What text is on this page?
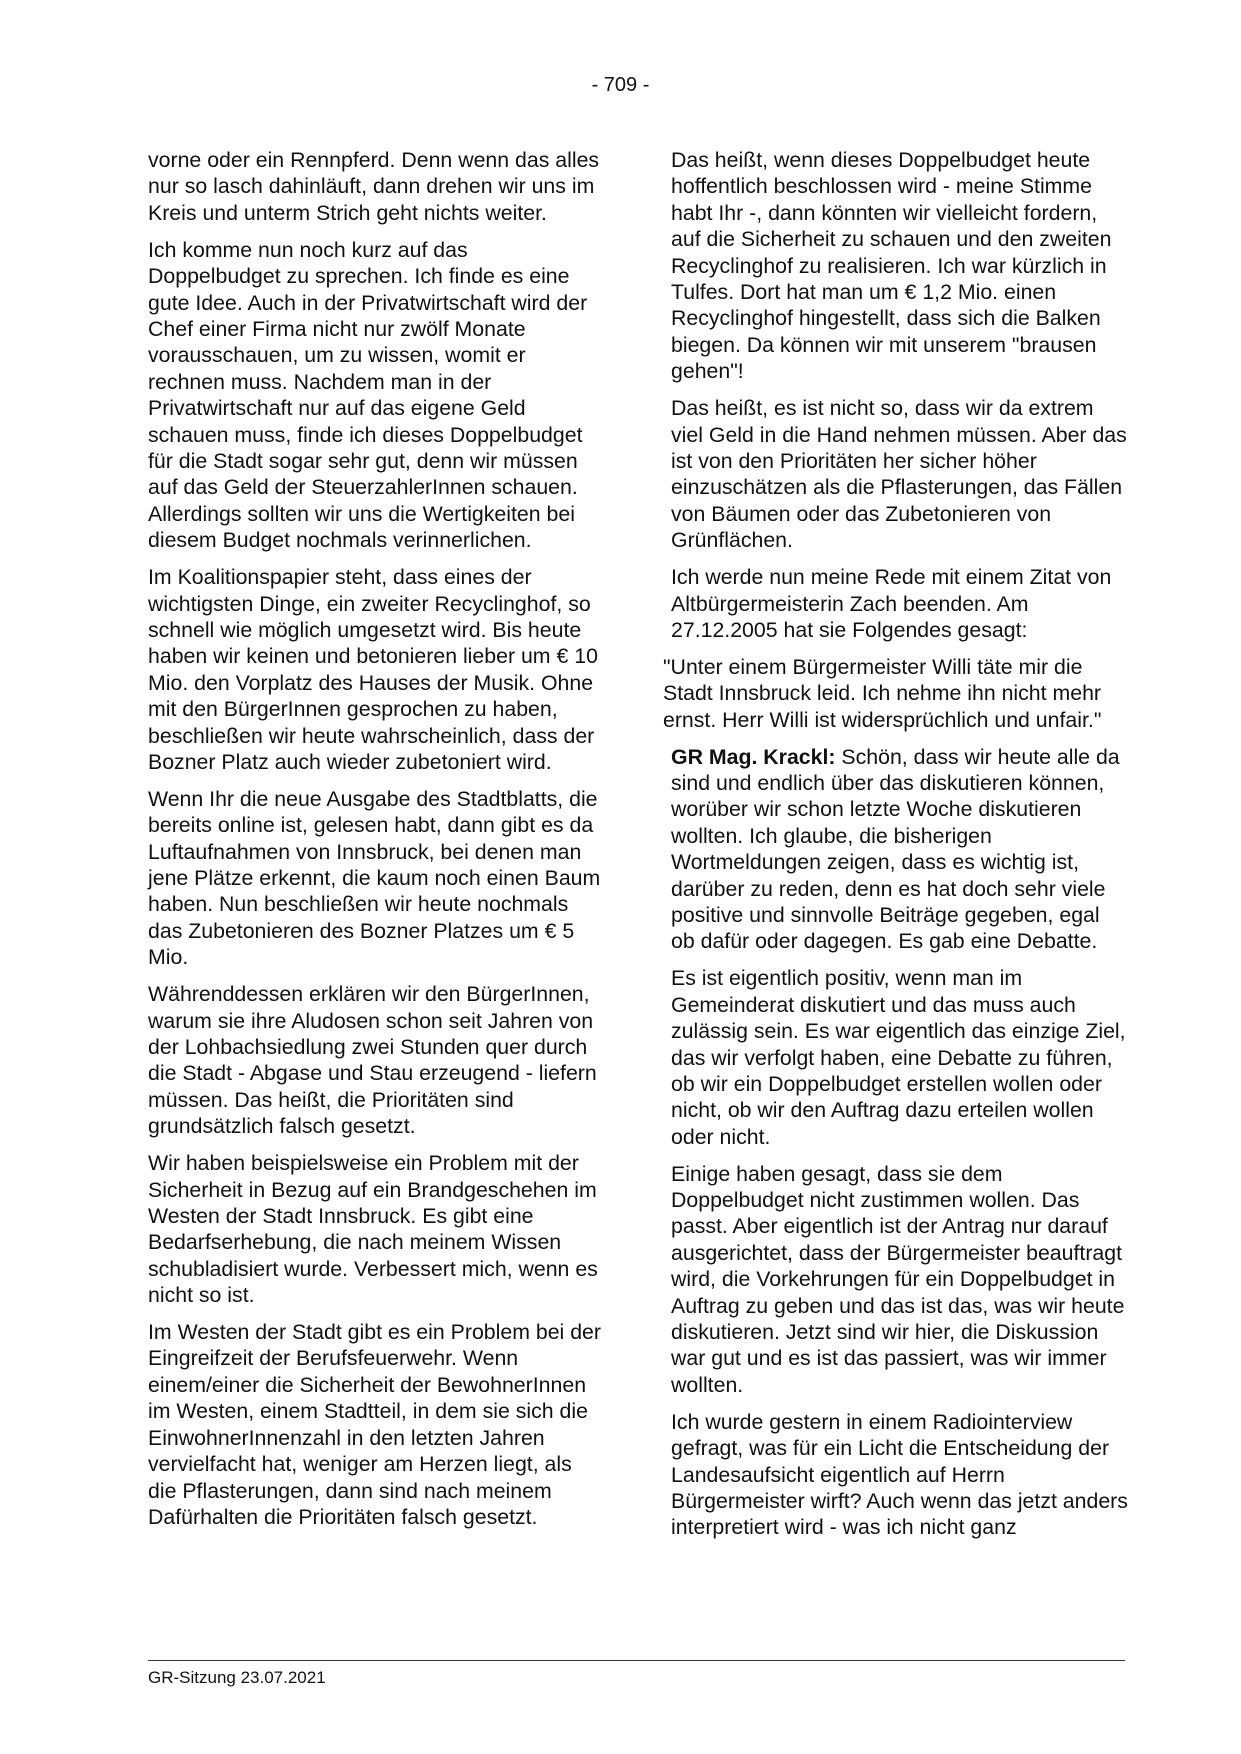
- 709 -

vorne oder ein Rennpferd. Denn wenn das alles nur so lasch dahinläuft, dann drehen wir uns im Kreis und unterm Strich geht nichts weiter.

Ich komme nun noch kurz auf das Doppelbudget zu sprechen. Ich finde es eine gute Idee. Auch in der Privatwirtschaft wird der Chef einer Firma nicht nur zwölf Monate vorausschauen, um zu wissen, womit er rechnen muss. Nachdem man in der Privatwirtschaft nur auf das eigene Geld schauen muss, finde ich dieses Doppelbudget für die Stadt sogar sehr gut, denn wir müssen auf das Geld der SteuerzahlerInnen schauen. Allerdings sollten wir uns die Wertigkeiten bei diesem Budget nochmals verinnerlichen.

Im Koalitionspapier steht, dass eines der wichtigsten Dinge, ein zweiter Recyclinghof, so schnell wie möglich umgesetzt wird. Bis heute haben wir keinen und betonieren lieber um € 10 Mio. den Vorplatz des Hauses der Musik. Ohne mit den BürgerInnen gesprochen zu haben, beschließen wir heute wahrscheinlich, dass der Bozner Platz auch wieder zubetoniert wird.

Wenn Ihr die neue Ausgabe des Stadtblatts, die bereits online ist, gelesen habt, dann gibt es da Luftaufnahmen von Innsbruck, bei denen man jene Plätze erkennt, die kaum noch einen Baum haben. Nun beschließen wir heute nochmals das Zubetonieren des Bozner Platzes um € 5 Mio.

Währenddessen erklären wir den BürgerInnen, warum sie ihre Aludosen schon seit Jahren von der Lohbachsiedlung zwei Stunden quer durch die Stadt - Abgase und Stau erzeugend - liefern müssen. Das heißt, die Prioritäten sind grundsätzlich falsch gesetzt.

Wir haben beispielsweise ein Problem mit der Sicherheit in Bezug auf ein Brandgeschehen im Westen der Stadt Innsbruck. Es gibt eine Bedarfserhebung, die nach meinem Wissen schubladisiert wurde. Verbessert mich, wenn es nicht so ist.

Im Westen der Stadt gibt es ein Problem bei der Eingreifzeit der Berufsfeuerwehr. Wenn einem/einer die Sicherheit der BewohnerInnen im Westen, einem Stadtteil, in dem sie sich die EinwohnerInnenzahl in den letzten Jahren vervielfacht hat, weniger am Herzen liegt, als die Pflasterungen, dann sind nach meinem Dafürhalten die Prioritäten falsch gesetzt.

Das heißt, wenn dieses Doppelbudget heute hoffentlich beschlossen wird - meine Stimme habt Ihr -, dann könnten wir vielleicht fordern, auf die Sicherheit zu schauen und den zweiten Recyclinghof zu realisieren. Ich war kürzlich in Tulfes. Dort hat man um € 1,2 Mio. einen Recyclinghof hingestellt, dass sich die Balken biegen. Da können wir mit unserem "brausen gehen"!

Das heißt, es ist nicht so, dass wir da extrem viel Geld in die Hand nehmen müssen. Aber das ist von den Prioritäten her sicher höher einzuschätzen als die Pflasterungen, das Fällen von Bäumen oder das Zubetonieren von Grünflächen.

Ich werde nun meine Rede mit einem Zitat von Altbürgermeisterin Zach beenden. Am 27.12.2005 hat sie Folgendes gesagt:

"Unter einem Bürgermeister Willi täte mir die Stadt Innsbruck leid. Ich nehme ihn nicht mehr ernst. Herr Willi ist widersprüchlich und unfair."

GR Mag. Krackl: Schön, dass wir heute alle da sind und endlich über das diskutieren können, worüber wir schon letzte Woche diskutieren wollten. Ich glaube, die bisherigen Wortmeldungen zeigen, dass es wichtig ist, darüber zu reden, denn es hat doch sehr viele positive und sinnvolle Beiträge gegeben, egal ob dafür oder dagegen. Es gab eine Debatte.

Es ist eigentlich positiv, wenn man im Gemeinderat diskutiert und das muss auch zulässig sein. Es war eigentlich das einzige Ziel, das wir verfolgt haben, eine Debatte zu führen, ob wir ein Doppelbudget erstellen wollen oder nicht, ob wir den Auftrag dazu erteilen wollen oder nicht.

Einige haben gesagt, dass sie dem Doppelbudget nicht zustimmen wollen. Das passt. Aber eigentlich ist der Antrag nur darauf ausgerichtet, dass der Bürgermeister beauftragt wird, die Vorkehrungen für ein Doppelbudget in Auftrag zu geben und das ist das, was wir heute diskutieren. Jetzt sind wir hier, die Diskussion war gut und es ist das passiert, was wir immer wollten.

Ich wurde gestern in einem Radiointerview gefragt, was für ein Licht die Entscheidung der Landesaufsicht eigentlich auf Herrn Bürgermeister wirft? Auch wenn das jetzt anders interpretiert wird - was ich nicht ganz

GR-Sitzung 23.07.2021
